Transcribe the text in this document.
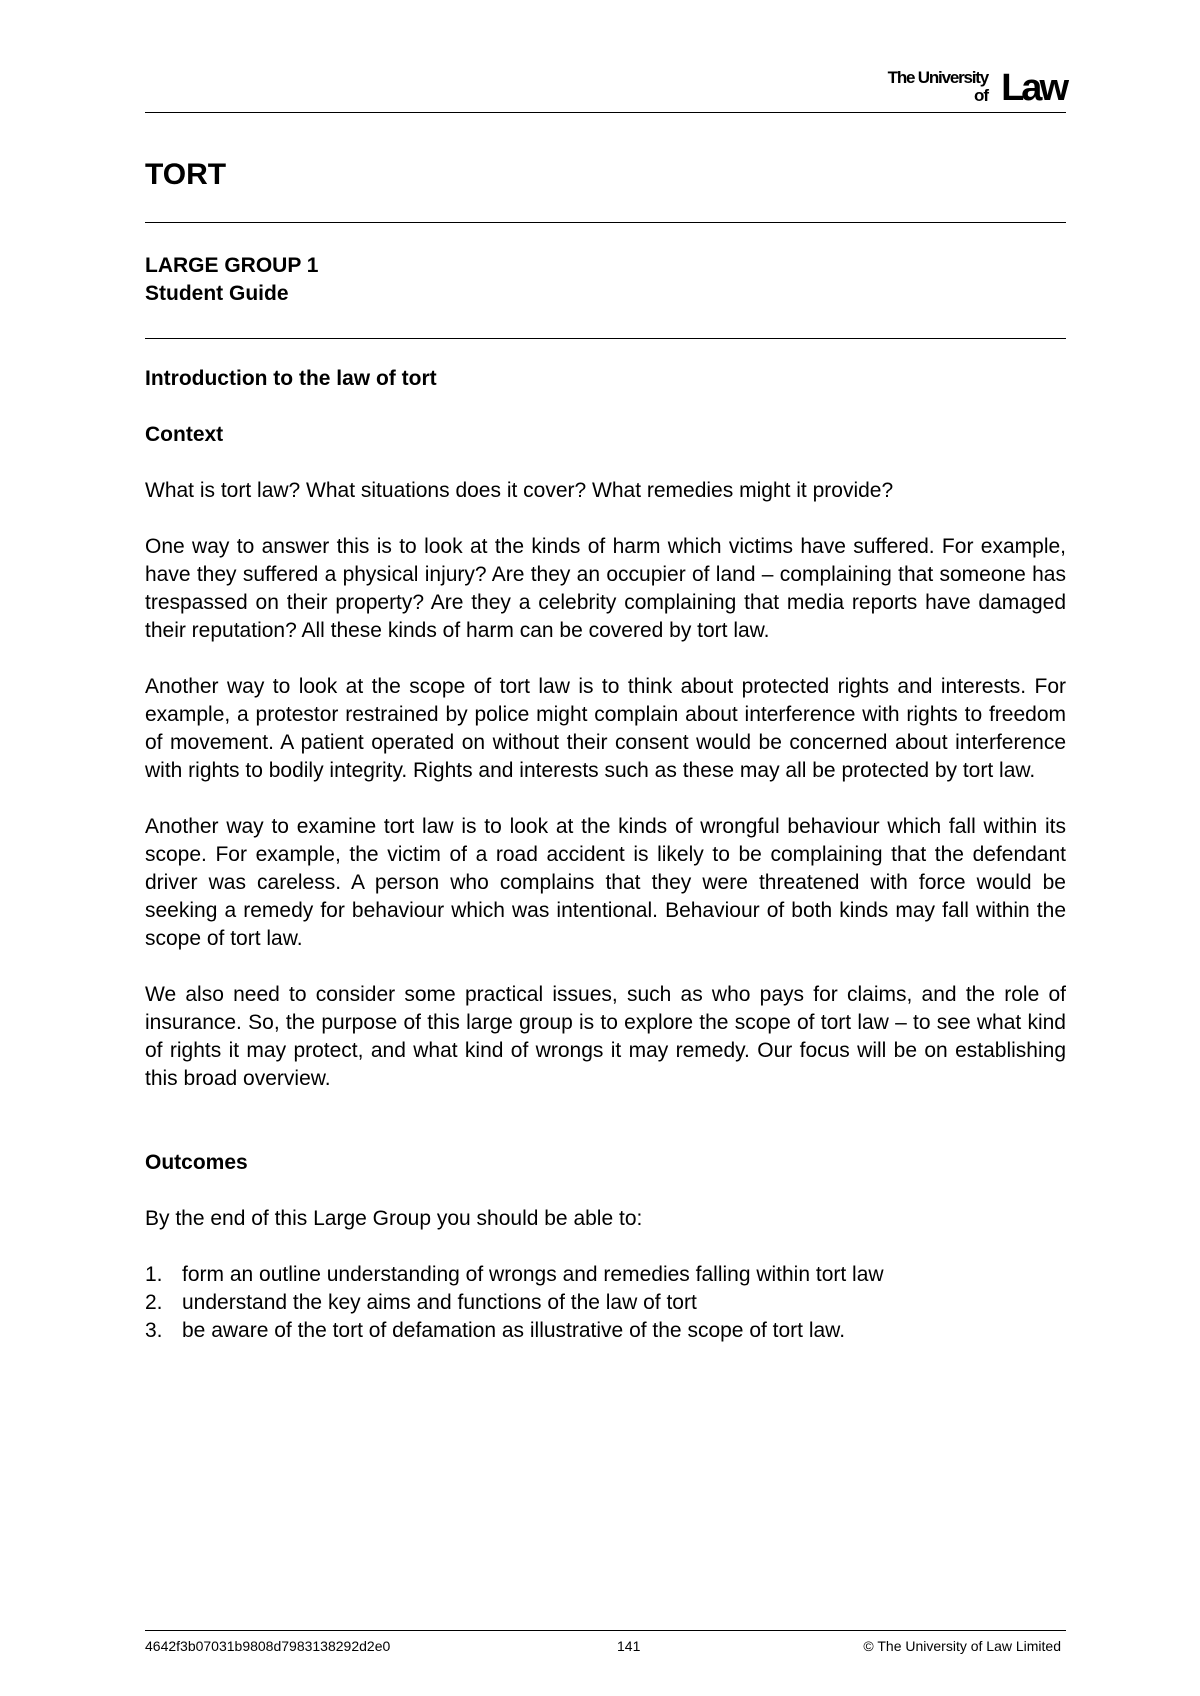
The University
of Law
TORT
LARGE GROUP 1
Student Guide
Introduction to the law of tort
Context

What is tort law? What situations does it cover? What remedies might it provide?

One way to answer this is to look at the kinds of harm which victims have suffered. For example, have they suffered a physical injury? Are they an occupier of land – complaining that someone has trespassed on their property? Are they a celebrity complaining that media reports have damaged their reputation? All these kinds of harm can be covered by tort law.

Another way to look at the scope of tort law is to think about protected rights and interests. For example, a protestor restrained by police might complain about interference with rights to freedom of movement. A patient operated on without their consent would be concerned about interference with rights to bodily integrity. Rights and interests such as these may all be protected by tort law.

Another way to examine tort law is to look at the kinds of wrongful behaviour which fall within its scope. For example, the victim of a road accident is likely to be complaining that the defendant driver was careless. A person who complains that they were threatened with force would be seeking a remedy for behaviour which was intentional. Behaviour of both kinds may fall within the scope of tort law.

We also need to consider some practical issues, such as who pays for claims, and the role of insurance. So, the purpose of this large group is to explore the scope of tort law – to see what kind of rights it may protect, and what kind of wrongs it may remedy. Our focus will be on establishing this broad overview.

Outcomes

By the end of this Large Group you should be able to:

1. form an outline understanding of wrongs and remedies falling within tort law
2. understand the key aims and functions of the law of tort
3. be aware of the tort of defamation as illustrative of the scope of tort law.
4642f3b07031b9808d7983138292d2e0	141	© The University of Law Limited
